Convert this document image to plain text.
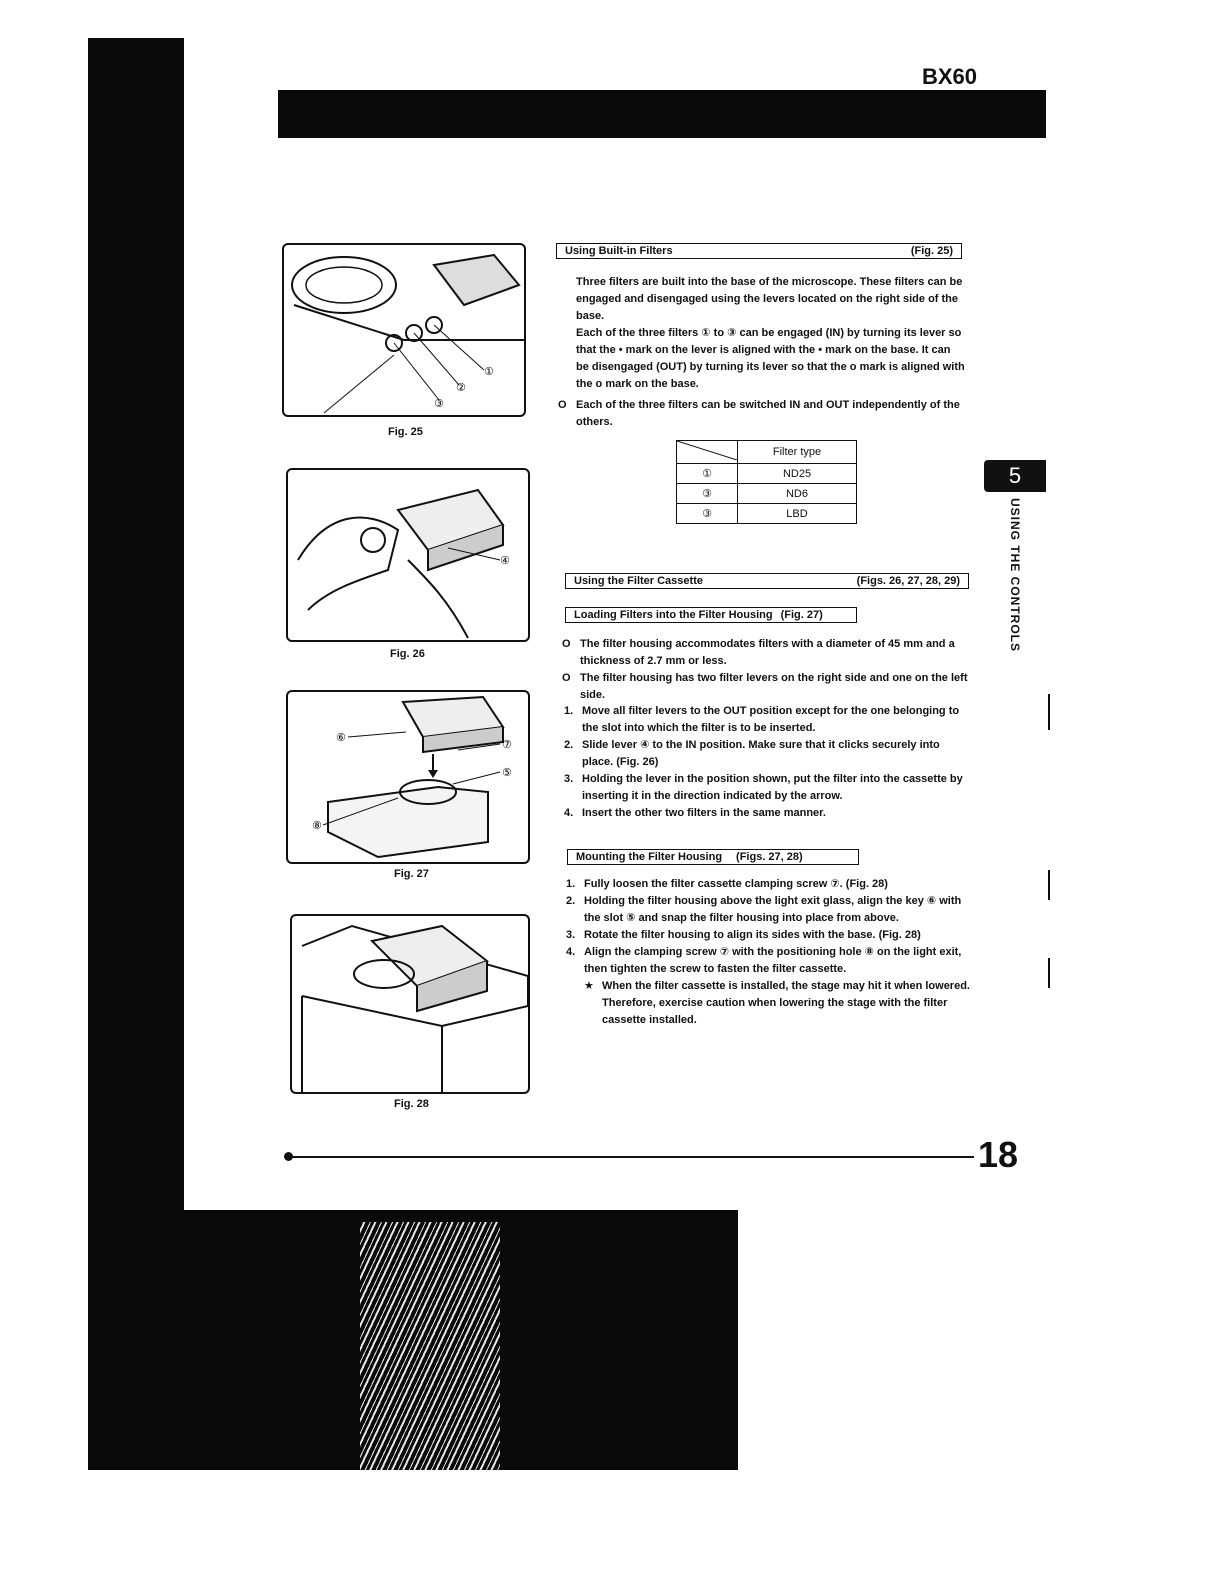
BX60
①
②
③
Fig. 25
④
Fig. 26
⑥
⑦
⑤
⑧
Fig. 27
Fig. 28
Using Built-in Filters	(Fig. 25)

Three filters are built into the base of the microscope. These filters can be engaged and disengaged using the levers located on the right side of the base.

Each of the three filters ① to ③ can be engaged (IN) by turning its lever so that the • mark on the lever is aligned with the • mark on the base. It can be disengaged (OUT) by turning its lever so that the o mark is aligned with the o mark on the base.

O Each of the three filters can be switched IN and OUT independently of the others.
	Filter type
①	ND25
③	ND6
③	LBD
Using the Filter Cassette	(Figs. 26, 27, 28, 29)
Loading Filters into the Filter Housing (Fig. 27)
O The filter housing accommodates filters with a diameter of 45 mm and a thickness of 2.7 mm or less.
O The filter housing has two filter levers on the right side and one on the left side.
1. Move all filter levers to the OUT position except for the one belonging to the slot into which the filter is to be inserted.
2. Slide lever ④ to the IN position. Make sure that it clicks securely into place. (Fig. 26)
3. Holding the lever in the position shown, put the filter into the cassette by inserting it in the direction indicated by the arrow.
4. Insert the other two filters in the same manner.
Mounting the Filter Housing (Figs. 27, 28)
1. Fully loosen the filter cassette clamping screw ⑦. (Fig. 28)
2. Holding the filter housing above the light exit glass, align the key ⑥ with the slot ⑤ and snap the filter housing into place from above.
3. Rotate the filter housing to align its sides with the base. (Fig. 28)
4. Align the clamping screw ⑦ with the positioning hole ⑧ on the light exit, then tighten the screw to fasten the filter cassette.
★ When the filter cassette is installed, the stage may hit it when lowered. Therefore, exercise caution when lowering the stage with the filter cassette installed.
5
USING THE CONTROLS
18
